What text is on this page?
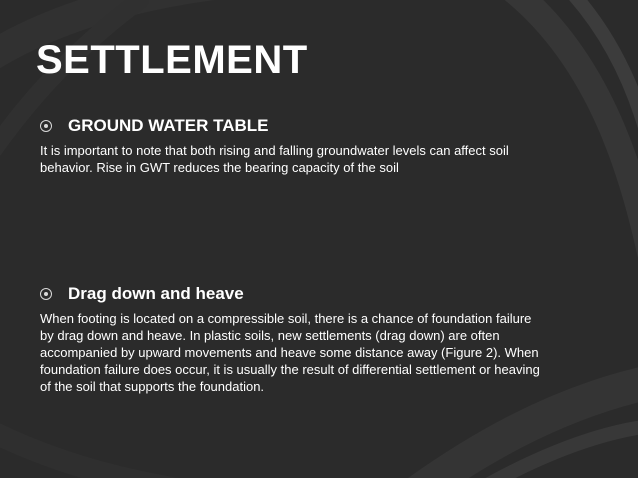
SETTLEMENT
GROUND WATER TABLE

It is important to note that both rising and falling groundwater levels can affect soil behavior. Rise in GWT reduces the bearing capacity of the soil

Drag down and heave

When footing is located on a compressible soil, there is a chance of foundation failure by drag down and heave. In plastic soils, new settlements (drag down) are often accompanied by upward movements and heave some distance away (Figure 2). When foundation failure does occur, it is usually the result of differential settlement or heaving of the soil that supports the foundation.
